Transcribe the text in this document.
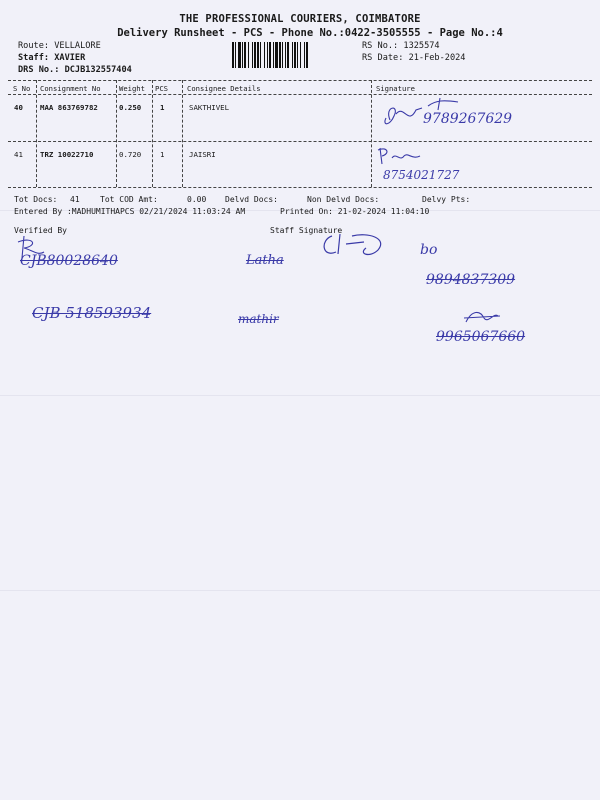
THE PROFESSIONAL COURIERS, COIMBATORE
Delivery Runsheet - PCS - Phone No.:0422-3505555 - Page No.:4
Route: VELLALORE
Staff: XAVIER
DRS No.: DCJB132557404
RS No.: 1325574
RS Date: 21-Feb-2024
S No Consignment No	Weight PCS	Consignee Details	Signature
40 MAA 863769782	0.250	1	SAKTHIVEL
9789267629
41 TRZ 10022710	0.720	1	JAISRI
8754021727
Tot Docs: 41	Tot COD Amt:	0.00 Delvd Docs:	Non Delvd Docs:	Delvy Pts:
Entered By :MADHUMITHAPCS 02/21/2024 11:03:24 AM	Printed On: 21-02-2024 11:04:10
Verified By	Staff Signature
CJB80028640	Latha
bo
9894837309
CJB 518593934	mathir
9965067660
